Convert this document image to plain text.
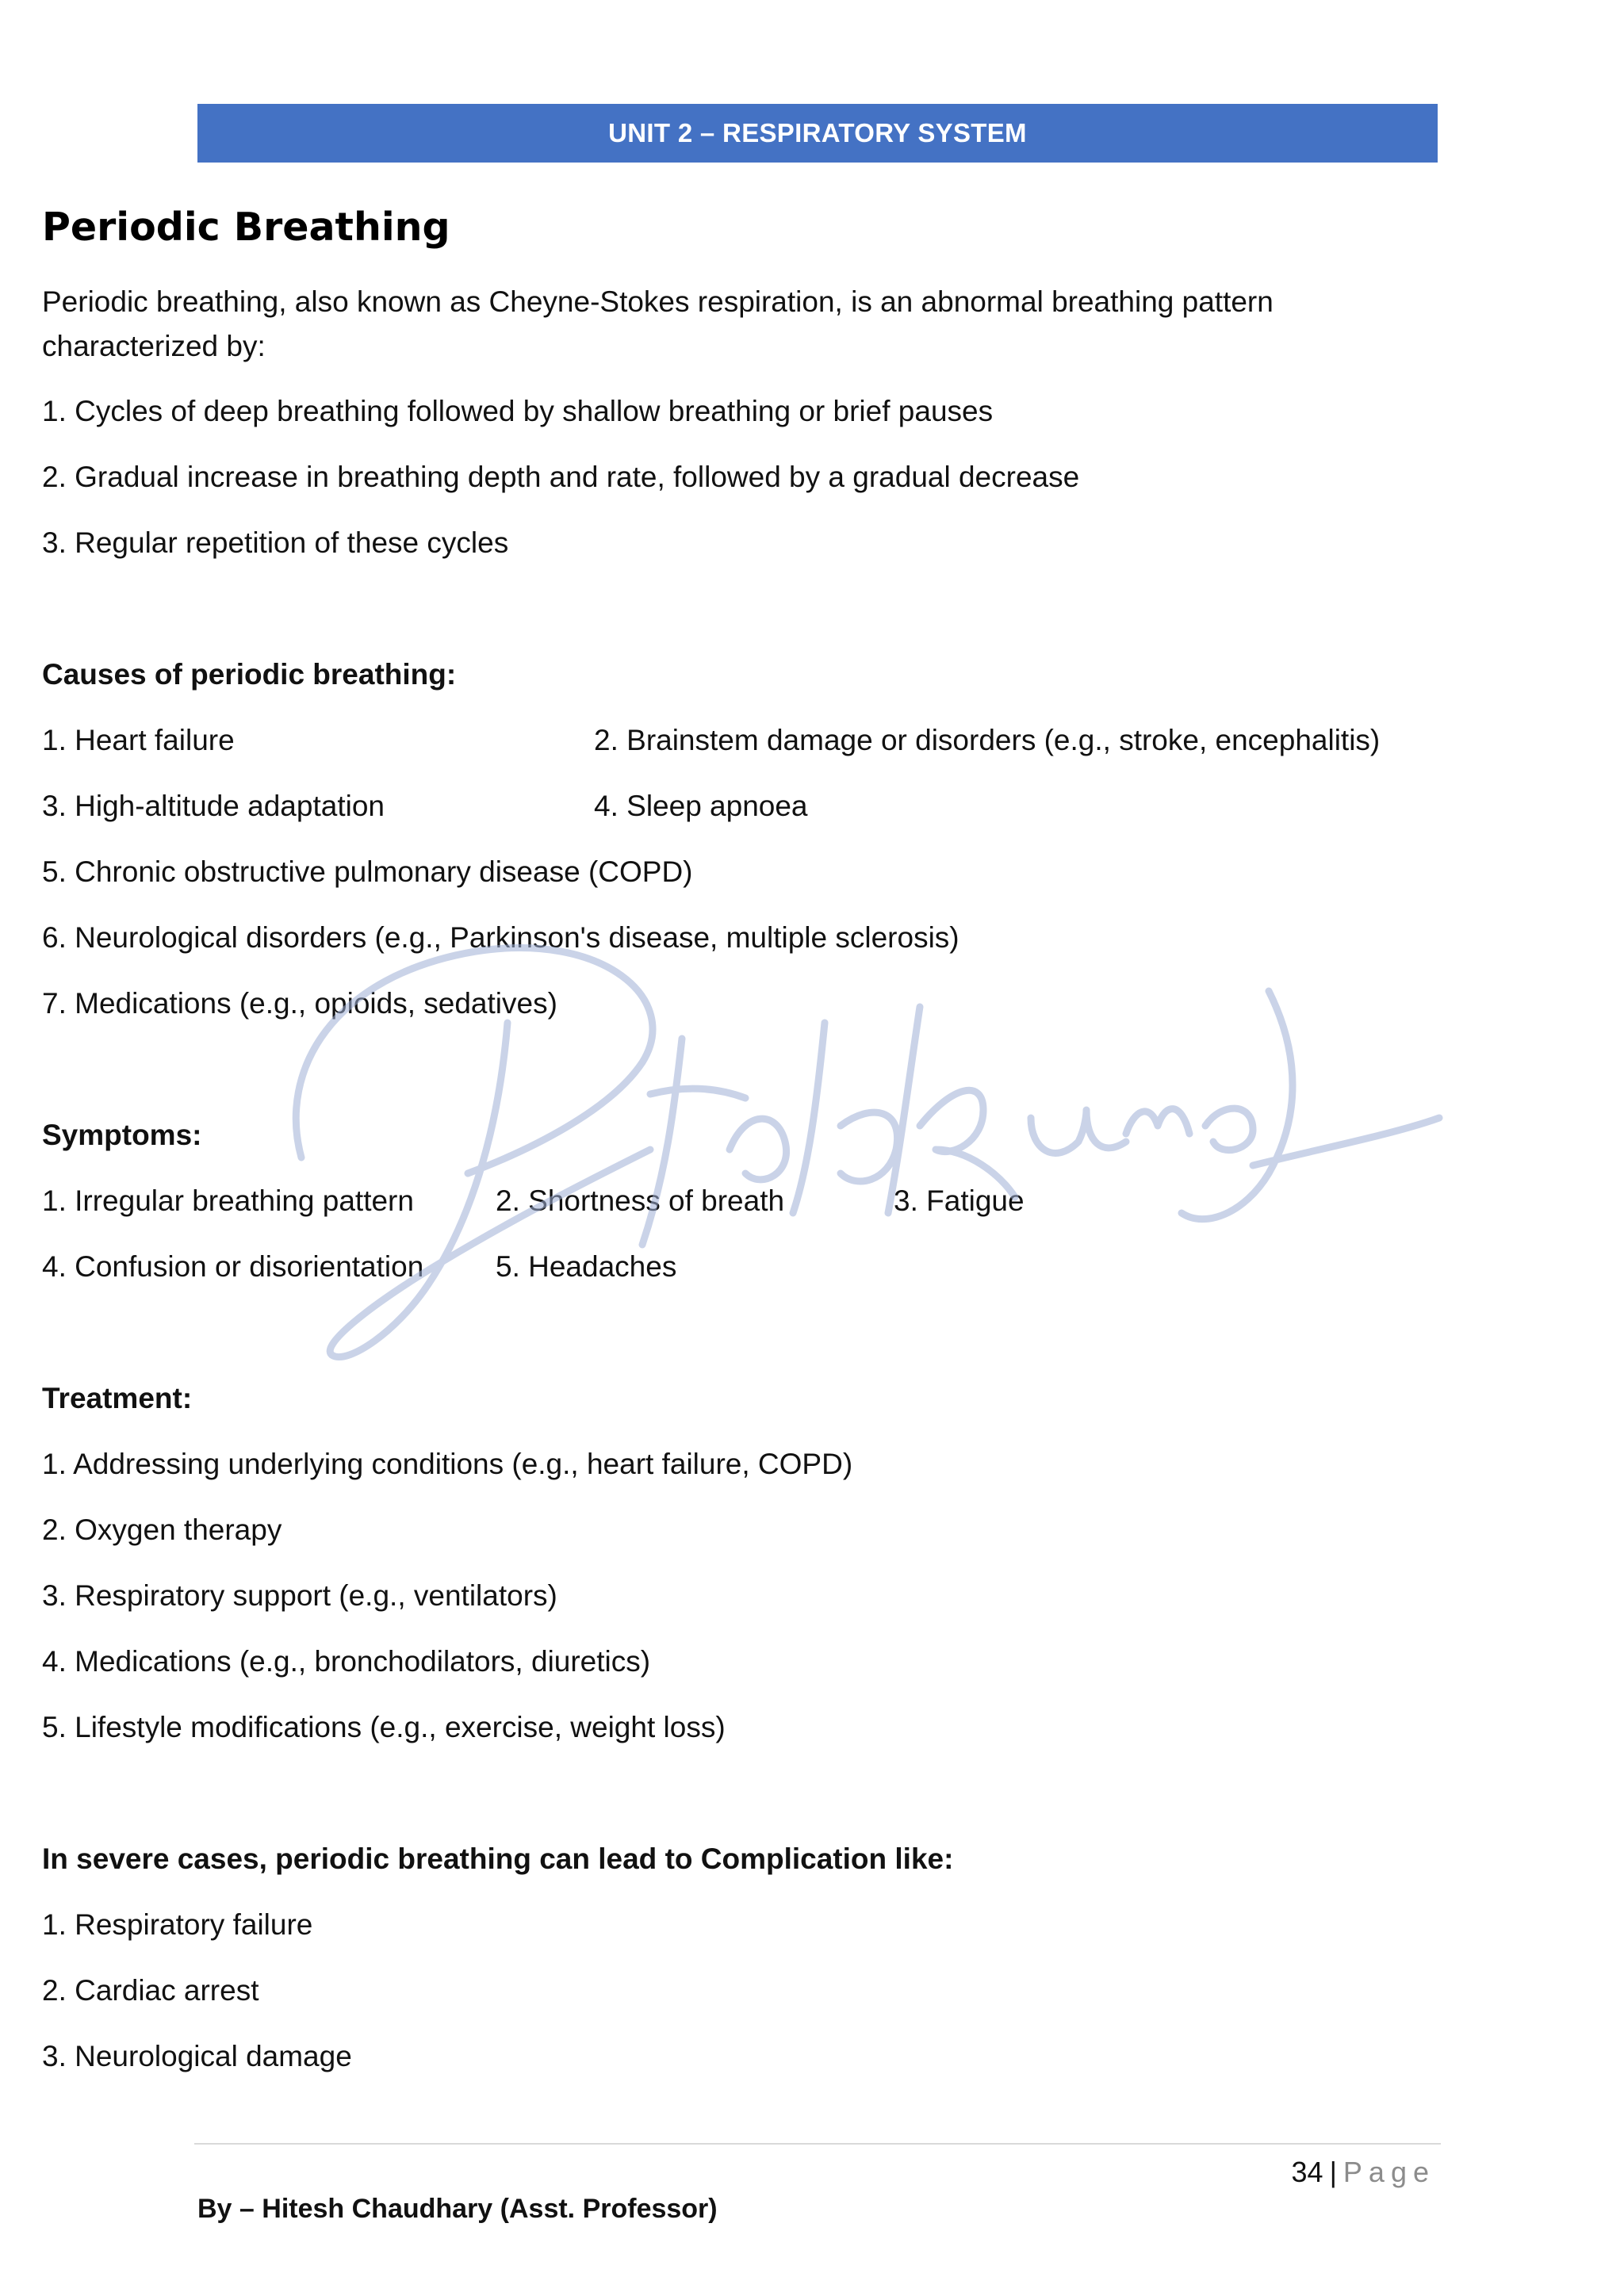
UNIT 2 – RESPIRATORY SYSTEM
Periodic Breathing

Periodic breathing, also known as Cheyne-Stokes respiration, is an abnormal breathing pattern

characterized by:

1. Cycles of deep breathing followed by shallow breathing or brief pauses
2. Gradual increase in breathing depth and rate, followed by a gradual decrease
3. Regular repetition of these cycles
Causes of periodic breathing:
1. Heart failure	2. Brainstem damage or disorders (e.g., stroke, encephalitis)
3. High-altitude adaptation	4. Sleep apnoea
5. Chronic obstructive pulmonary disease (COPD)
6. Neurological disorders (e.g., Parkinson's disease, multiple sclerosis)
7. Medications (e.g., opioids, sedatives)
Symptoms:
1. Irregular breathing pattern	2. Shortness of breath	3. Fatigue
4. Confusion or disorientation	5. Headaches
Treatment:
1. Addressing underlying conditions (e.g., heart failure, COPD)
2. Oxygen therapy
3. Respiratory support (e.g., ventilators)
4. Medications (e.g., bronchodilators, diuretics)
5. Lifestyle modifications (e.g., exercise, weight loss)
In severe cases, periodic breathing can lead to Complication like:
1. Respiratory failure
2. Cardiac arrest
3. Neurological damage
34 | Page
By – Hitesh Chaudhary (Asst. Professor)
